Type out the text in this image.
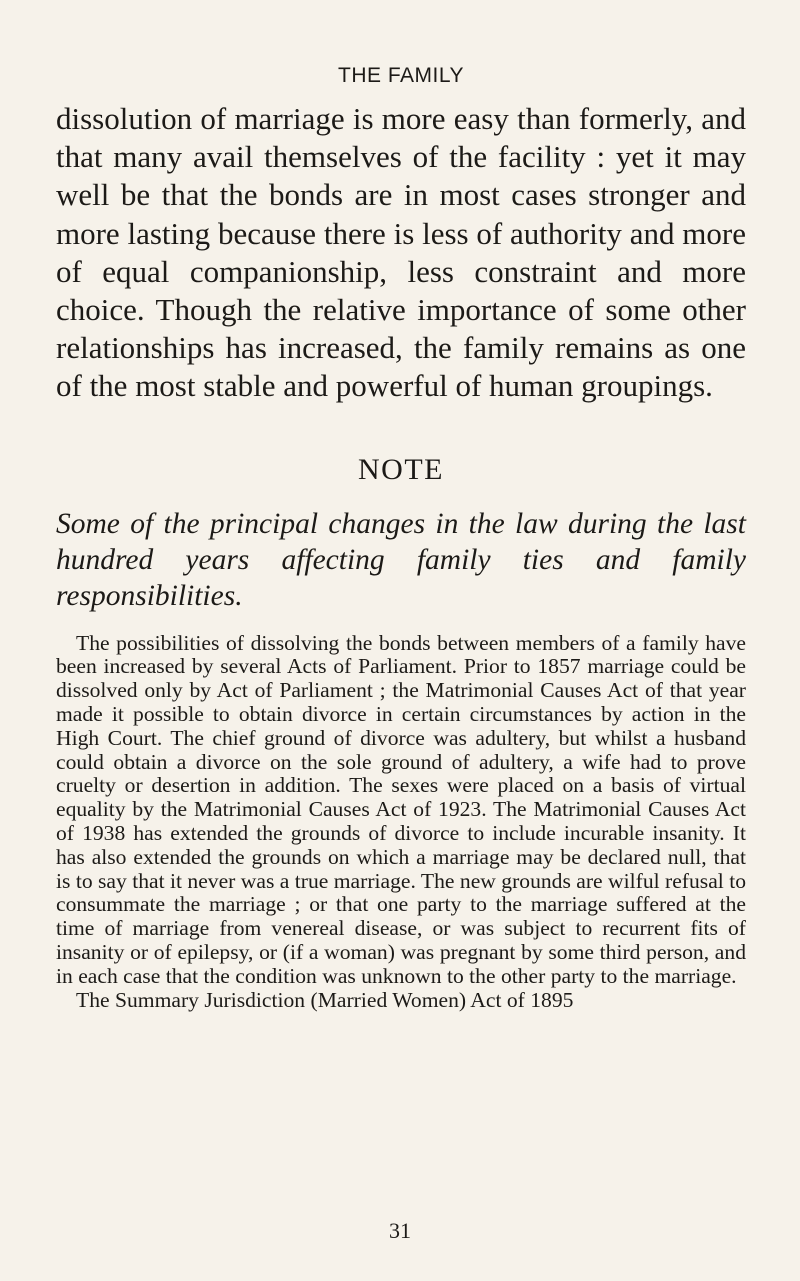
THE FAMILY

dissolution of marriage is more easy than formerly, and that many avail themselves of the facility : yet it may well be that the bonds are in most cases stronger and more lasting because there is less of authority and more of equal companionship, less constraint and more choice. Though the relative importance of some other relationships has increased, the family remains as one of the most stable and powerful of human groupings.

NOTE

Some of the principal changes in the law during the last hundred years affecting family ties and family responsibilities.

The possibilities of dissolving the bonds between members of a family have been increased by several Acts of Parliament. Prior to 1857 marriage could be dissolved only by Act of Parliament ; the Matrimonial Causes Act of that year made it possible to obtain divorce in certain circumstances by action in the High Court. The chief ground of divorce was adultery, but whilst a husband could obtain a divorce on the sole ground of adultery, a wife had to prove cruelty or desertion in addition. The sexes were placed on a basis of virtual equality by the Matrimonial Causes Act of 1923. The Matrimonial Causes Act of 1938 has extended the grounds of divorce to include incurable insanity. It has also extended the grounds on which a marriage may be declared null, that is to say that it never was a true marriage. The new grounds are wilful refusal to consummate the marriage ; or that one party to the marriage suffered at the time of marriage from venereal disease, or was subject to recurrent fits of insanity or of epilepsy, or (if a woman) was pregnant by some third person, and in each case that the condition was unknown to the other party to the marriage.

The Summary Jurisdiction (Married Women) Act of 1895

31
